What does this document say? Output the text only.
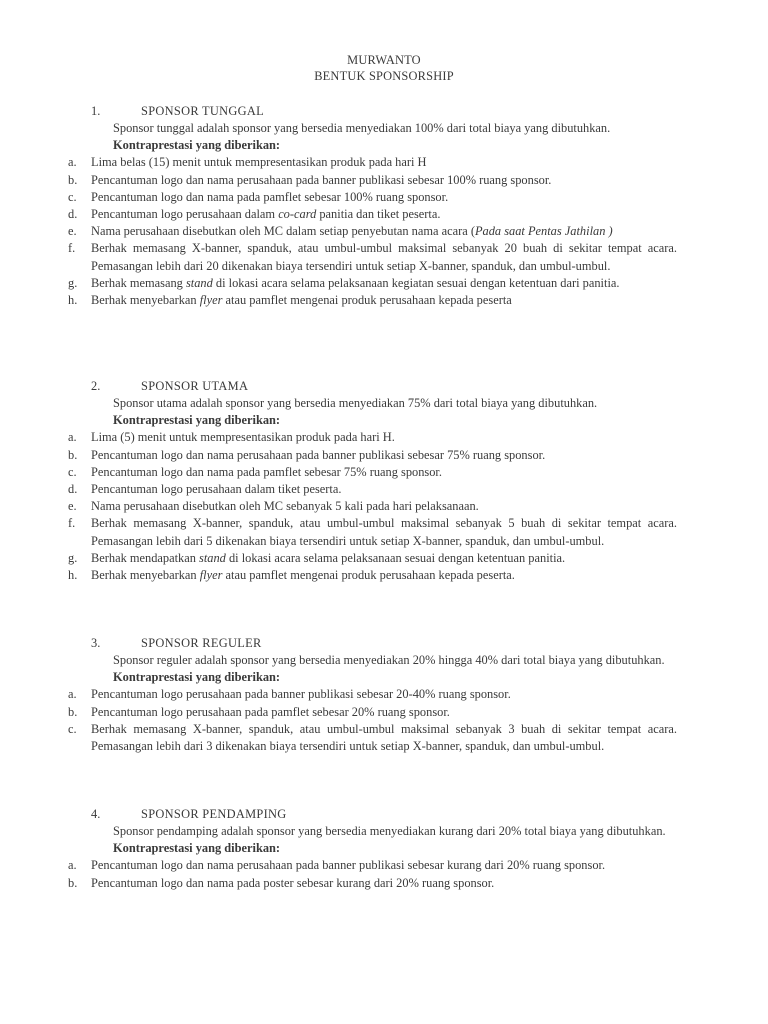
MURWANTO
BENTUK SPONSORSHIP
1.	SPONSOR TUNGGAL

Sponsor tunggal adalah sponsor yang bersedia menyediakan 100% dari total biaya yang dibutuhkan.

Kontraprestasi yang diberikan:
a. Lima belas (15) menit untuk mempresentasikan produk pada hari H
b. Pencantuman logo dan nama perusahaan pada banner publikasi sebesar 100% ruang sponsor.
c. Pencantuman logo dan nama pada pamflet sebesar 100% ruang sponsor.
d. Pencantuman logo perusahaan dalam co-card panitia dan tiket peserta.
e. Nama perusahaan disebutkan oleh MC dalam setiap penyebutan nama acara (Pada saat Pentas Jathilan )
f. Berhak memasang X-banner, spanduk, atau umbul-umbul maksimal sebanyak 20 buah di sekitar tempat acara. Pemasangan lebih dari 20 dikenakan biaya tersendiri untuk setiap X-banner, spanduk, dan umbul-umbul.
g. Berhak memasang stand di lokasi acara selama pelaksanaan kegiatan sesuai dengan ketentuan dari panitia.
h. Berhak menyebarkan flyer atau pamflet mengenai produk perusahaan kepada peserta
2.	SPONSOR UTAMA

Sponsor utama adalah sponsor yang bersedia menyediakan 75% dari total biaya yang dibutuhkan.

Kontraprestasi yang diberikan:
a. Lima (5) menit untuk mempresentasikan produk pada hari H.
b. Pencantuman logo dan nama perusahaan pada banner publikasi sebesar 75% ruang sponsor.
c. Pencantuman logo dan nama pada pamflet sebesar 75% ruang sponsor.
d. Pencantuman logo perusahaan dalam tiket peserta.
e. Nama perusahaan disebutkan oleh MC sebanyak 5 kali pada hari pelaksanaan.
f. Berhak memasang X-banner, spanduk, atau umbul-umbul maksimal sebanyak 5 buah di sekitar tempat acara. Pemasangan lebih dari 5 dikenakan biaya tersendiri untuk setiap X-banner, spanduk, dan umbul-umbul.
g. Berhak mendapatkan stand di lokasi acara selama pelaksanaan sesuai dengan ketentuan panitia.
h. Berhak menyebarkan flyer atau pamflet mengenai produk perusahaan kepada peserta.
3.	SPONSOR REGULER

Sponsor reguler adalah sponsor yang bersedia menyediakan 20% hingga 40% dari total biaya yang dibutuhkan.

Kontraprestasi yang diberikan:
a. Pencantuman logo perusahaan pada banner publikasi sebesar 20-40% ruang sponsor.
b. Pencantuman logo perusahaan pada pamflet sebesar 20% ruang sponsor.
c. Berhak memasang X-banner, spanduk, atau umbul-umbul maksimal sebanyak 3 buah di sekitar tempat acara. Pemasangan lebih dari 3 dikenakan biaya tersendiri untuk setiap X-banner, spanduk, dan umbul-umbul.
4.	SPONSOR PENDAMPING

Sponsor pendamping adalah sponsor yang bersedia menyediakan kurang dari 20% total biaya yang dibutuhkan.

Kontraprestasi yang diberikan:
a. Pencantuman logo dan nama perusahaan pada banner publikasi sebesar kurang dari 20% ruang sponsor.
b. Pencantuman logo dan nama pada poster sebesar kurang dari 20% ruang sponsor.
